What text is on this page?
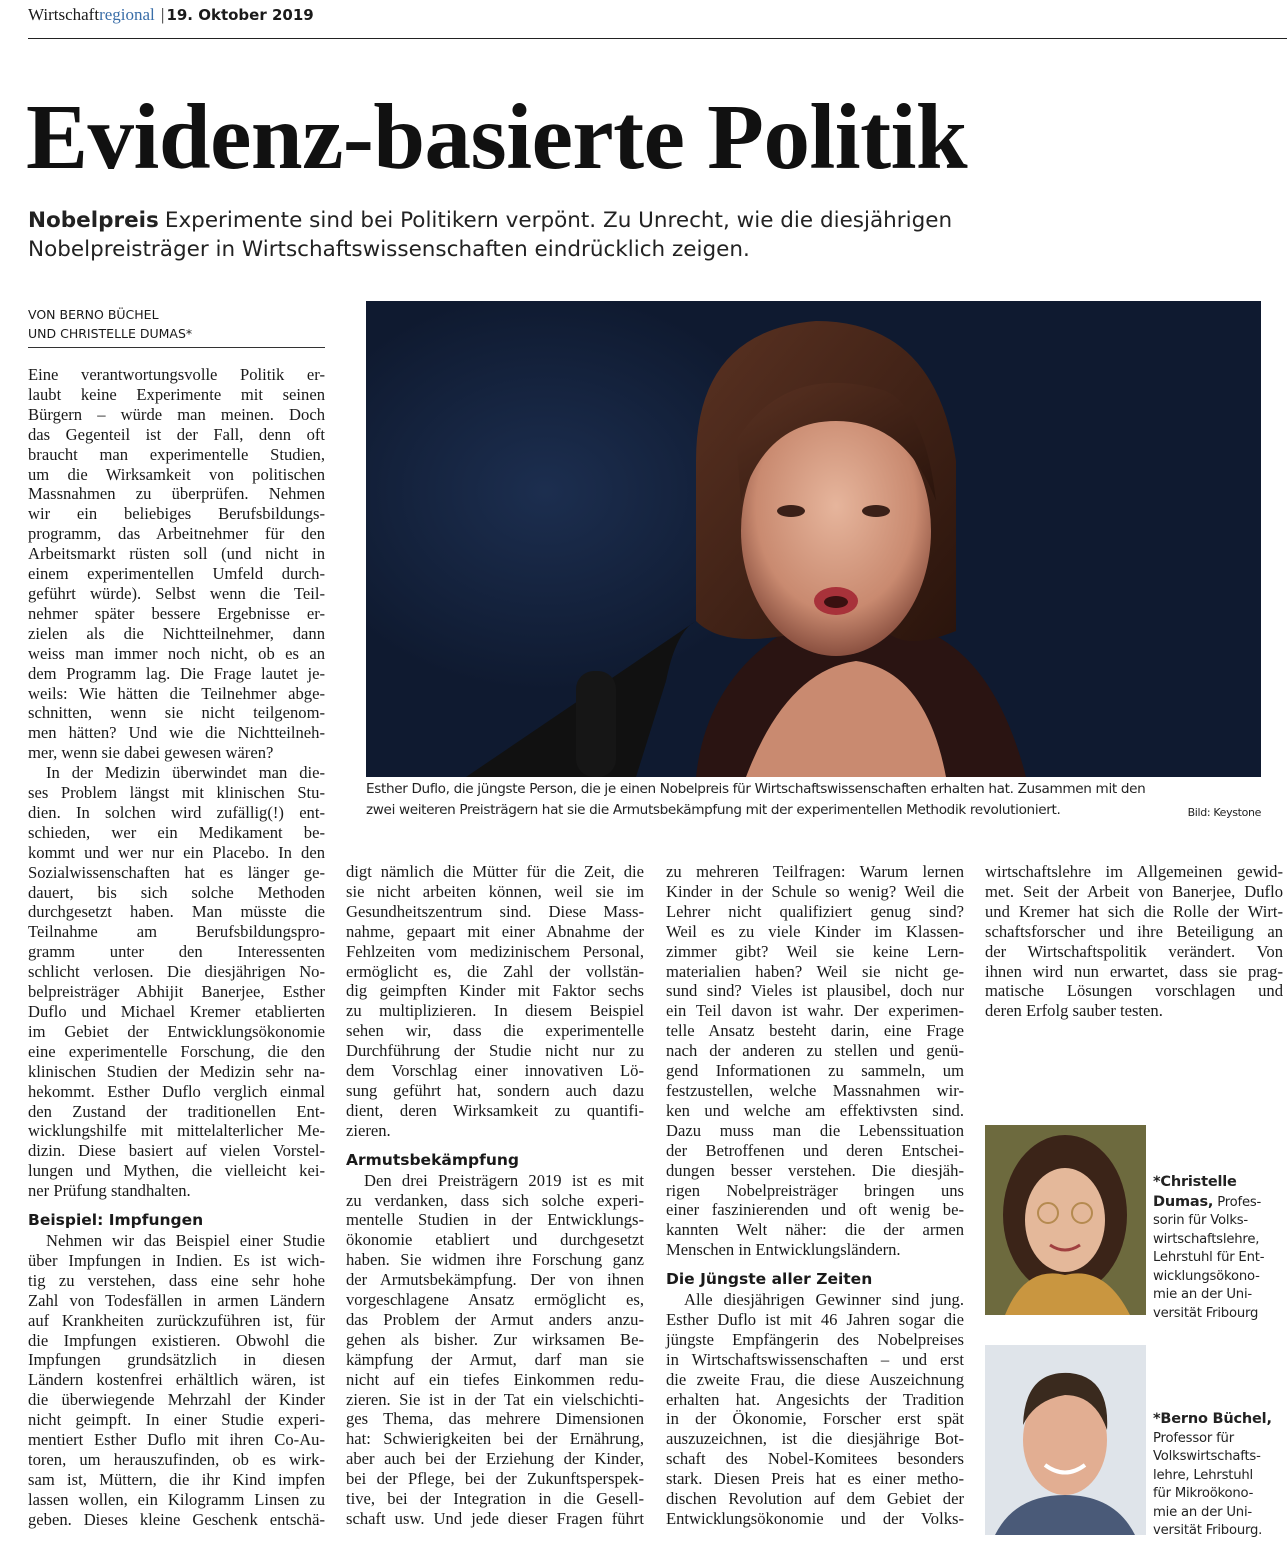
Wirtschaftregional | 19. Oktober 2019
Evidenz-basierte Politik
Nobelpreis Experimente sind bei Politikern verpönt. Zu Unrecht, wie die diesjährigen Nobelpreisträger in Wirtschaftswissenschaften eindrücklich zeigen.
VON BERNO BÜCHEL
UND CHRISTELLE DUMAS*
Eine verantwortungsvolle Politik er-
laubt keine Experimente mit seinen
Bürgern – würde man meinen. Doch
das Gegenteil ist der Fall, denn oft
braucht man experimentelle Studien,
um die Wirksamkeit von politischen
Massnahmen zu überprüfen. Nehmen
wir ein beliebiges Berufsbildungs-
programm, das Arbeitnehmer für den
Arbeitsmarkt rüsten soll (und nicht in
einem experimentellen Umfeld durch-
geführt würde). Selbst wenn die Teil-
nehmer später bessere Ergebnisse er-
zielen als die Nichtteilnehmer, dann
weiss man immer noch nicht, ob es an
dem Programm lag. Die Frage lautet je-
weils: Wie hätten die Teilnehmer abge-
schnitten, wenn sie nicht teilgenom-
men hätten? Und wie die Nichtteilneh-
mer, wenn sie dabei gewesen wären?
In der Medizin überwindet man die-
ses Problem längst mit klinischen Stu-
dien. In solchen wird zufällig(!) ent-
schieden, wer ein Medikament be-
kommt und wer nur ein Placebo. In den
Sozialwissenschaften hat es länger ge-
dauert, bis sich solche Methoden
durchgesetzt haben. Man müsste die
Teilnahme am Berufsbildungspro-
gramm unter den Interessenten
schlicht verlosen. Die diesjährigen No-
belpreisträger Abhijit Banerjee, Esther
Duflo und Michael Kremer etablierten
im Gebiet der Entwicklungsökonomie
eine experimentelle Forschung, die den
klinischen Studien der Medizin sehr na-
hekommt. Esther Duflo verglich einmal
den Zustand der traditionellen Ent-
wicklungshilfe mit mittelalterlicher Me-
dizin. Diese basiert auf vielen Vorstel-
lungen und Mythen, die vielleicht kei-
ner Prüfung standhalten.
Beispiel: Impfungen
Nehmen wir das Beispiel einer Studie
über Impfungen in Indien. Es ist wich-
tig zu verstehen, dass eine sehr hohe
Zahl von Todesfällen in armen Ländern
auf Krankheiten zurückzuführen ist, für
die Impfungen existieren. Obwohl die
Impfungen grundsätzlich in diesen
Ländern kostenfrei erhältlich wären, ist
die überwiegende Mehrzahl der Kinder
nicht geimpft. In einer Studie experi-
mentiert Esther Duflo mit ihren Co-Au-
toren, um herauszufinden, ob es wirk-
sam ist, Müttern, die ihr Kind impfen
lassen wollen, ein Kilogramm Linsen zu
geben. Dieses kleine Geschenk entschä-
digt nämlich die Mütter für die Zeit, die
sie nicht arbeiten können, weil sie im
Gesundheitszentrum sind. Diese Mass-
nahme, gepaart mit einer Abnahme der
Fehlzeiten vom medizinischem Personal,
ermöglicht es, die Zahl der vollstän-
dig geimpften Kinder mit Faktor sechs
zu multiplizieren. In diesem Beispiel
sehen wir, dass die experimentelle
Durchführung der Studie nicht nur zu
dem Vorschlag einer innovativen Lö-
sung geführt hat, sondern auch dazu
dient, deren Wirksamkeit zu quantifi-
zieren.
Armutsbekämpfung
Den drei Preisträgern 2019 ist es mit
zu verdanken, dass sich solche experi-
mentelle Studien in der Entwicklungs-
ökonomie etabliert und durchgesetzt
haben. Sie widmen ihre Forschung ganz
der Armutsbekämpfung. Der von ihnen
vorgeschlagene Ansatz ermöglicht es,
das Problem der Armut anders anzu-
gehen als bisher. Zur wirksamen Be-
kämpfung der Armut, darf man sie
nicht auf ein tiefes Einkommen redu-
zieren. Sie ist in der Tat ein vielschichti-
ges Thema, das mehrere Dimensionen
hat: Schwierigkeiten bei der Ernährung,
aber auch bei der Erziehung der Kinder,
bei der Pflege, bei der Zukunftsperspek-
tive, bei der Integration in die Gesell-
schaft usw. Und jede dieser Fragen führt
zu mehreren Teilfragen: Warum lernen
Kinder in der Schule so wenig? Weil die
Lehrer nicht qualifiziert genug sind?
Weil es zu viele Kinder im Klassen-
zimmer gibt? Weil sie keine Lern-
materialien haben? Weil sie nicht ge-
sund sind? Vieles ist plausibel, doch nur
ein Teil davon ist wahr. Der experimen-
telle Ansatz besteht darin, eine Frage
nach der anderen zu stellen und genü-
gend Informationen zu sammeln, um
festzustellen, welche Massnahmen wir-
ken und welche am effektivsten sind.
Dazu muss man die Lebenssituation
der Betroffenen und deren Entschei-
dungen besser verstehen. Die diesjäh-
rigen Nobelpreisträger bringen uns
einer faszinierenden und oft wenig be-
kannten Welt näher: die der armen
Menschen in Entwicklungsländern.
Die Jüngste aller Zeiten
Alle diesjährigen Gewinner sind jung.
Esther Duflo ist mit 46 Jahren sogar die
jüngste Empfängerin des Nobelpreises
in Wirtschaftswissenschaften – und erst
die zweite Frau, die diese Auszeichnung
erhalten hat. Angesichts der Tradition
in der Ökonomie, Forscher erst spät
auszuzeichnen, ist die diesjährige Bot-
schaft des Nobel-Komitees besonders
stark. Diesen Preis hat es einer metho-
dischen Revolution auf dem Gebiet der
Entwicklungsökonomie und der Volks-
wirtschaftslehre im Allgemeinen gewid-
met. Seit der Arbeit von Banerjee, Duflo
und Kremer hat sich die Rolle der Wirt-
schaftsforscher und ihre Beteiligung an
der Wirtschaftspolitik verändert. Von
ihnen wird nun erwartet, dass sie prag-
matische Lösungen vorschlagen und
deren Erfolg sauber testen.
Esther Duflo, die jüngste Person, die je einen Nobelpreis für Wirtschaftswissenschaften erhalten hat. Zusammen mit den
zwei weiteren Preisträgern hat sie die Armutsbekämpfung mit der experimentellen Methodik revolutioniert.	Bild: Keystone
*Christelle Dumas, Profes-
sorin für Volks-
wirtschaftslehre,
Lehrstuhl für Ent-
wicklungsökono-
mie an der Uni-
versität Fribourg
*Berno Büchel,
Professor für
Volkswirtschafts-
lehre, Lehrstuhl
für Mikroökono-
mie an der Uni-
versität Fribourg.
